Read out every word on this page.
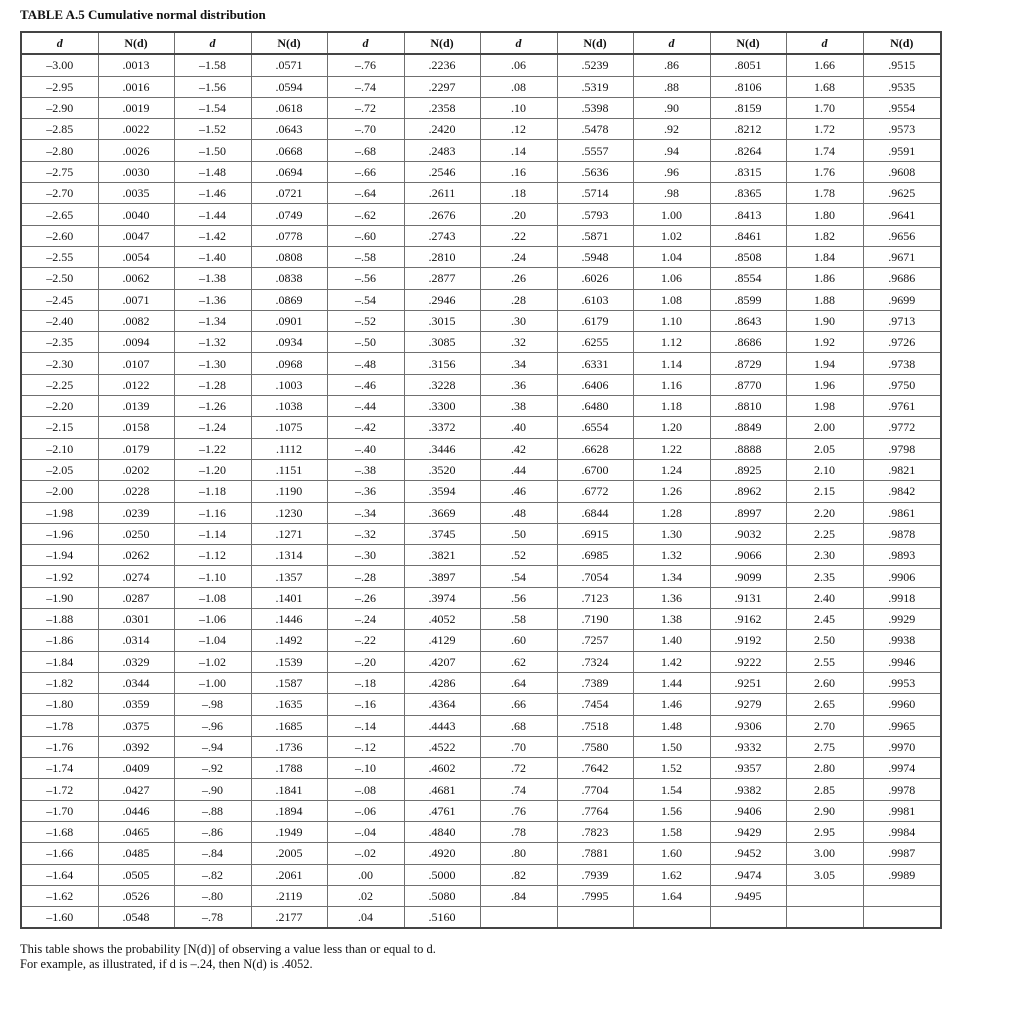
TABLE A.5 Cumulative normal distribution
d	N(d)	d	N(d)	d	N(d)	d	N(d)	d	N(d)	d	N(d)
–3.00	.0013	–1.58	.0571	–.76	.2236	.06	.5239	.86	.8051	1.66	.9515
–2.95	.0016	–1.56	.0594	–.74	.2297	.08	.5319	.88	.8106	1.68	.9535
–2.90	.0019	–1.54	.0618	–.72	.2358	.10	.5398	.90	.8159	1.70	.9554
–2.85	.0022	–1.52	.0643	–.70	.2420	.12	.5478	.92	.8212	1.72	.9573
–2.80	.0026	–1.50	.0668	–.68	.2483	.14	.5557	.94	.8264	1.74	.9591
–2.75	.0030	–1.48	.0694	–.66	.2546	.16	.5636	.96	.8315	1.76	.9608
–2.70	.0035	–1.46	.0721	–.64	.2611	.18	.5714	.98	.8365	1.78	.9625
–2.65	.0040	–1.44	.0749	–.62	.2676	.20	.5793	1.00	.8413	1.80	.9641
–2.60	.0047	–1.42	.0778	–.60	.2743	.22	.5871	1.02	.8461	1.82	.9656
–2.55	.0054	–1.40	.0808	–.58	.2810	.24	.5948	1.04	.8508	1.84	.9671
–2.50	.0062	–1.38	.0838	–.56	.2877	.26	.6026	1.06	.8554	1.86	.9686
–2.45	.0071	–1.36	.0869	–.54	.2946	.28	.6103	1.08	.8599	1.88	.9699
–2.40	.0082	–1.34	.0901	–.52	.3015	.30	.6179	1.10	.8643	1.90	.9713
–2.35	.0094	–1.32	.0934	–.50	.3085	.32	.6255	1.12	.8686	1.92	.9726
–2.30	.0107	–1.30	.0968	–.48	.3156	.34	.6331	1.14	.8729	1.94	.9738
–2.25	.0122	–1.28	.1003	–.46	.3228	.36	.6406	1.16	.8770	1.96	.9750
–2.20	.0139	–1.26	.1038	–.44	.3300	.38	.6480	1.18	.8810	1.98	.9761
–2.15	.0158	–1.24	.1075	–.42	.3372	.40	.6554	1.20	.8849	2.00	.9772
–2.10	.0179	–1.22	.1112	–.40	.3446	.42	.6628	1.22	.8888	2.05	.9798
–2.05	.0202	–1.20	.1151	–.38	.3520	.44	.6700	1.24	.8925	2.10	.9821
–2.00	.0228	–1.18	.1190	–.36	.3594	.46	.6772	1.26	.8962	2.15	.9842
–1.98	.0239	–1.16	.1230	–.34	.3669	.48	.6844	1.28	.8997	2.20	.9861
–1.96	.0250	–1.14	.1271	–.32	.3745	.50	.6915	1.30	.9032	2.25	.9878
–1.94	.0262	–1.12	.1314	–.30	.3821	.52	.6985	1.32	.9066	2.30	.9893
–1.92	.0274	–1.10	.1357	–.28	.3897	.54	.7054	1.34	.9099	2.35	.9906
–1.90	.0287	–1.08	.1401	–.26	.3974	.56	.7123	1.36	.9131	2.40	.9918
–1.88	.0301	–1.06	.1446	–.24	.4052	.58	.7190	1.38	.9162	2.45	.9929
–1.86	.0314	–1.04	.1492	–.22	.4129	.60	.7257	1.40	.9192	2.50	.9938
–1.84	.0329	–1.02	.1539	–.20	.4207	.62	.7324	1.42	.9222	2.55	.9946
–1.82	.0344	–1.00	.1587	–.18	.4286	.64	.7389	1.44	.9251	2.60	.9953
–1.80	.0359	–.98	.1635	–.16	.4364	.66	.7454	1.46	.9279	2.65	.9960
–1.78	.0375	–.96	.1685	–.14	.4443	.68	.7518	1.48	.9306	2.70	.9965
–1.76	.0392	–.94	.1736	–.12	.4522	.70	.7580	1.50	.9332	2.75	.9970
–1.74	.0409	–.92	.1788	–.10	.4602	.72	.7642	1.52	.9357	2.80	.9974
–1.72	.0427	–.90	.1841	–.08	.4681	.74	.7704	1.54	.9382	2.85	.9978
–1.70	.0446	–.88	.1894	–.06	.4761	.76	.7764	1.56	.9406	2.90	.9981
–1.68	.0465	–.86	.1949	–.04	.4840	.78	.7823	1.58	.9429	2.95	.9984
–1.66	.0485	–.84	.2005	–.02	.4920	.80	.7881	1.60	.9452	3.00	.9987
–1.64	.0505	–.82	.2061	.00	.5000	.82	.7939	1.62	.9474	3.05	.9989
–1.62	.0526	–.80	.2119	.02	.5080	.84	.7995	1.64	.9495		
–1.60	.0548	–.78	.2177	.04	.5160						
This table shows the probability [N(d)] of observing a value less than or equal to d.
For example, as illustrated, if d is –.24, then N(d) is .4052.
